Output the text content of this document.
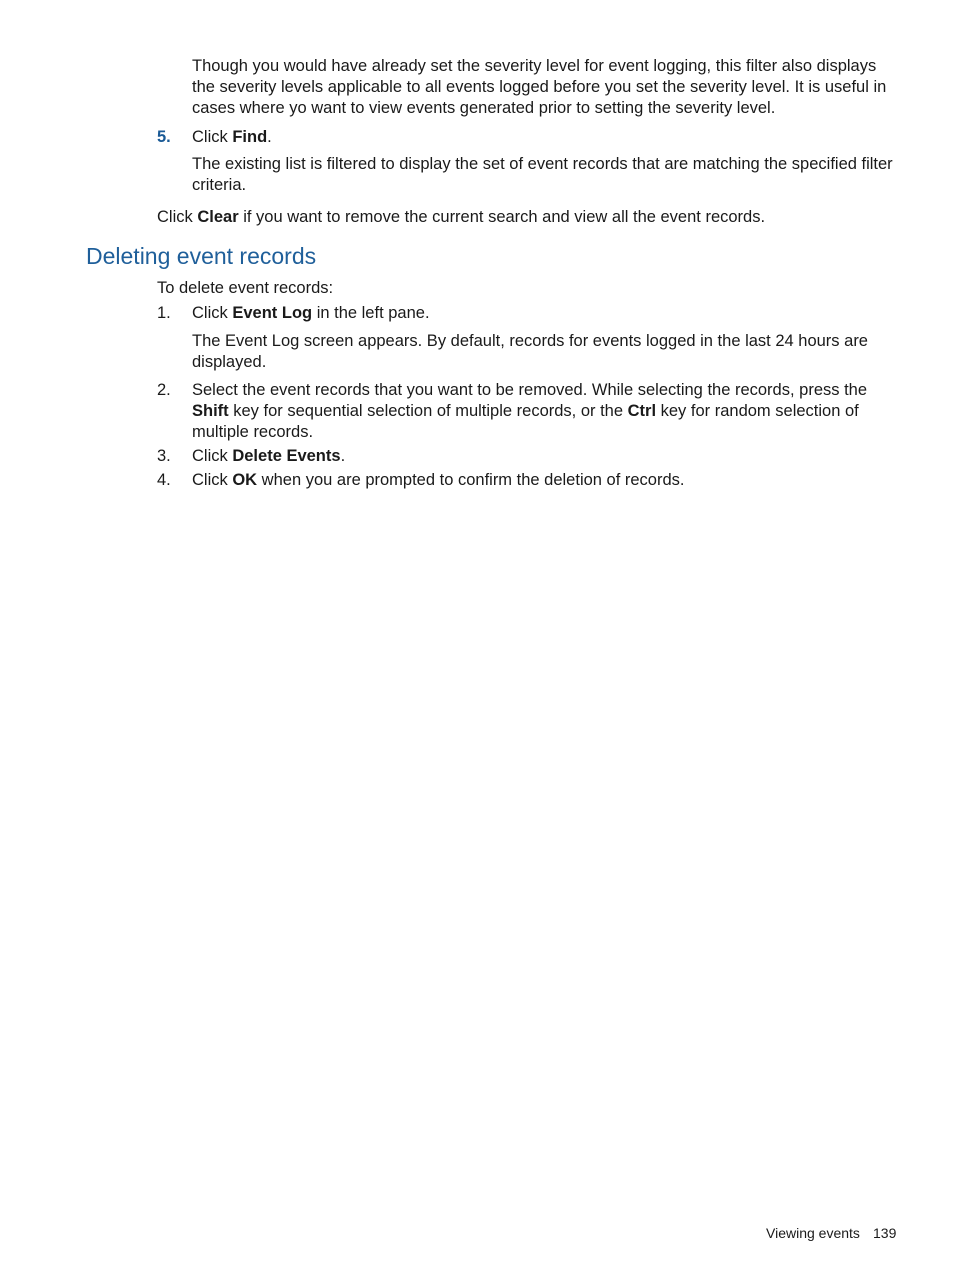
Though you would have already set the severity level for event logging, this filter also displays the severity levels applicable to all events logged before you set the severity level. It is useful in cases where yo want to view events generated prior to setting the severity level.

5.	Click Find.

The existing list is filtered to display the set of event records that are matching the specified filter criteria.

Click Clear if you want to remove the current search and view all the event records.

Deleting event records

To delete event records:

1.	Click Event Log in the left pane.

The Event Log screen appears. By default, records for events logged in the last 24 hours are displayed.

2.	Select the event records that you want to be removed. While selecting the records, press the Shift key for sequential selection of multiple records, or the Ctrl key for random selection of multiple records.

3.	Click Delete Events.

4.	Click OK when you are prompted to confirm the deletion of records.

Viewing events 139
